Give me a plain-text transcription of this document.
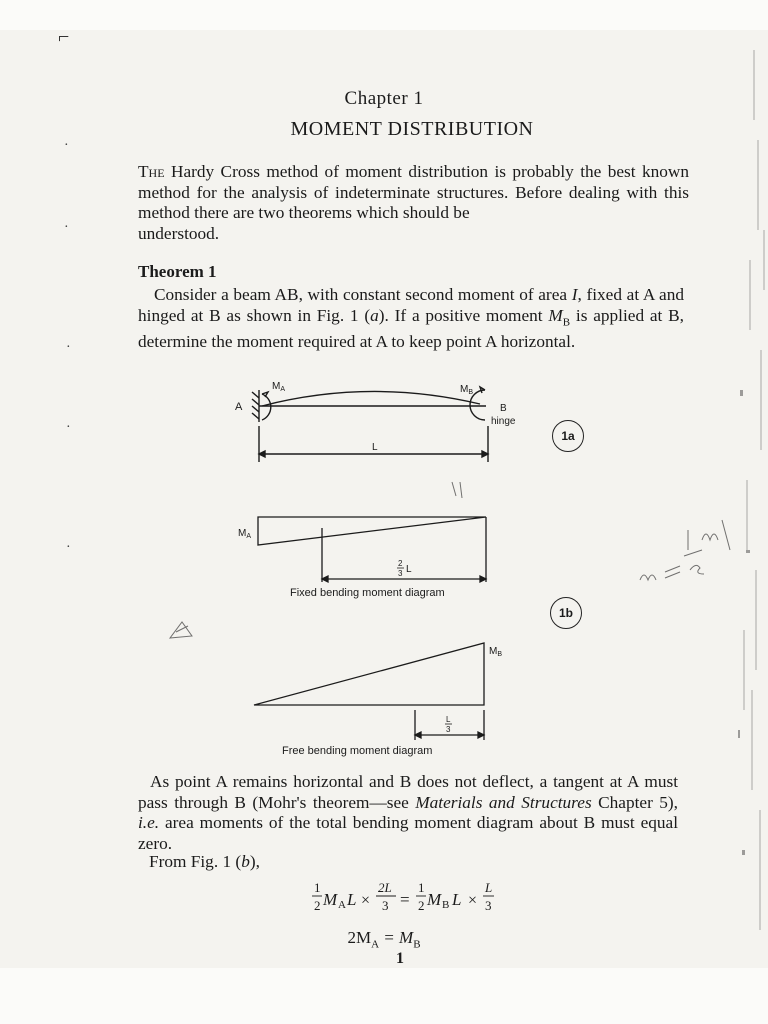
⌐
·
·
·
·
·
Chapter 1
MOMENT DISTRIBUTION
The Hardy Cross method of moment distribution is probably the best known method for the analysis of indeterminate structures. Before dealing with this method there are two theorems which should be
understood.
Theorem 1
Consider a beam AB, with constant second moment of area I, fixed at A and hinged at B as shown in Fig. 1 (a). If a positive moment $M_B$ is applied at B, determine the moment required at A to keep point A horizontal.
A
$M_A$	$M_B$
B
hinge
L
$M_A$
2
3 L
$M_B$
L
3
1a
1b
Fixed bending moment diagram
Free bending moment diagram
As point A remains horizontal and B does not deflect, a tangent at A must pass through B (Mohr's theorem—see Materials and Structures Chapter 5), i.e. area moments of the total bending moment diagram about B must equal zero.
From Fig. 1 (b),
1
2 M A L ×
2L
3 =
1
2 M B L ×
L
3
$2M_A = M_B$
1
